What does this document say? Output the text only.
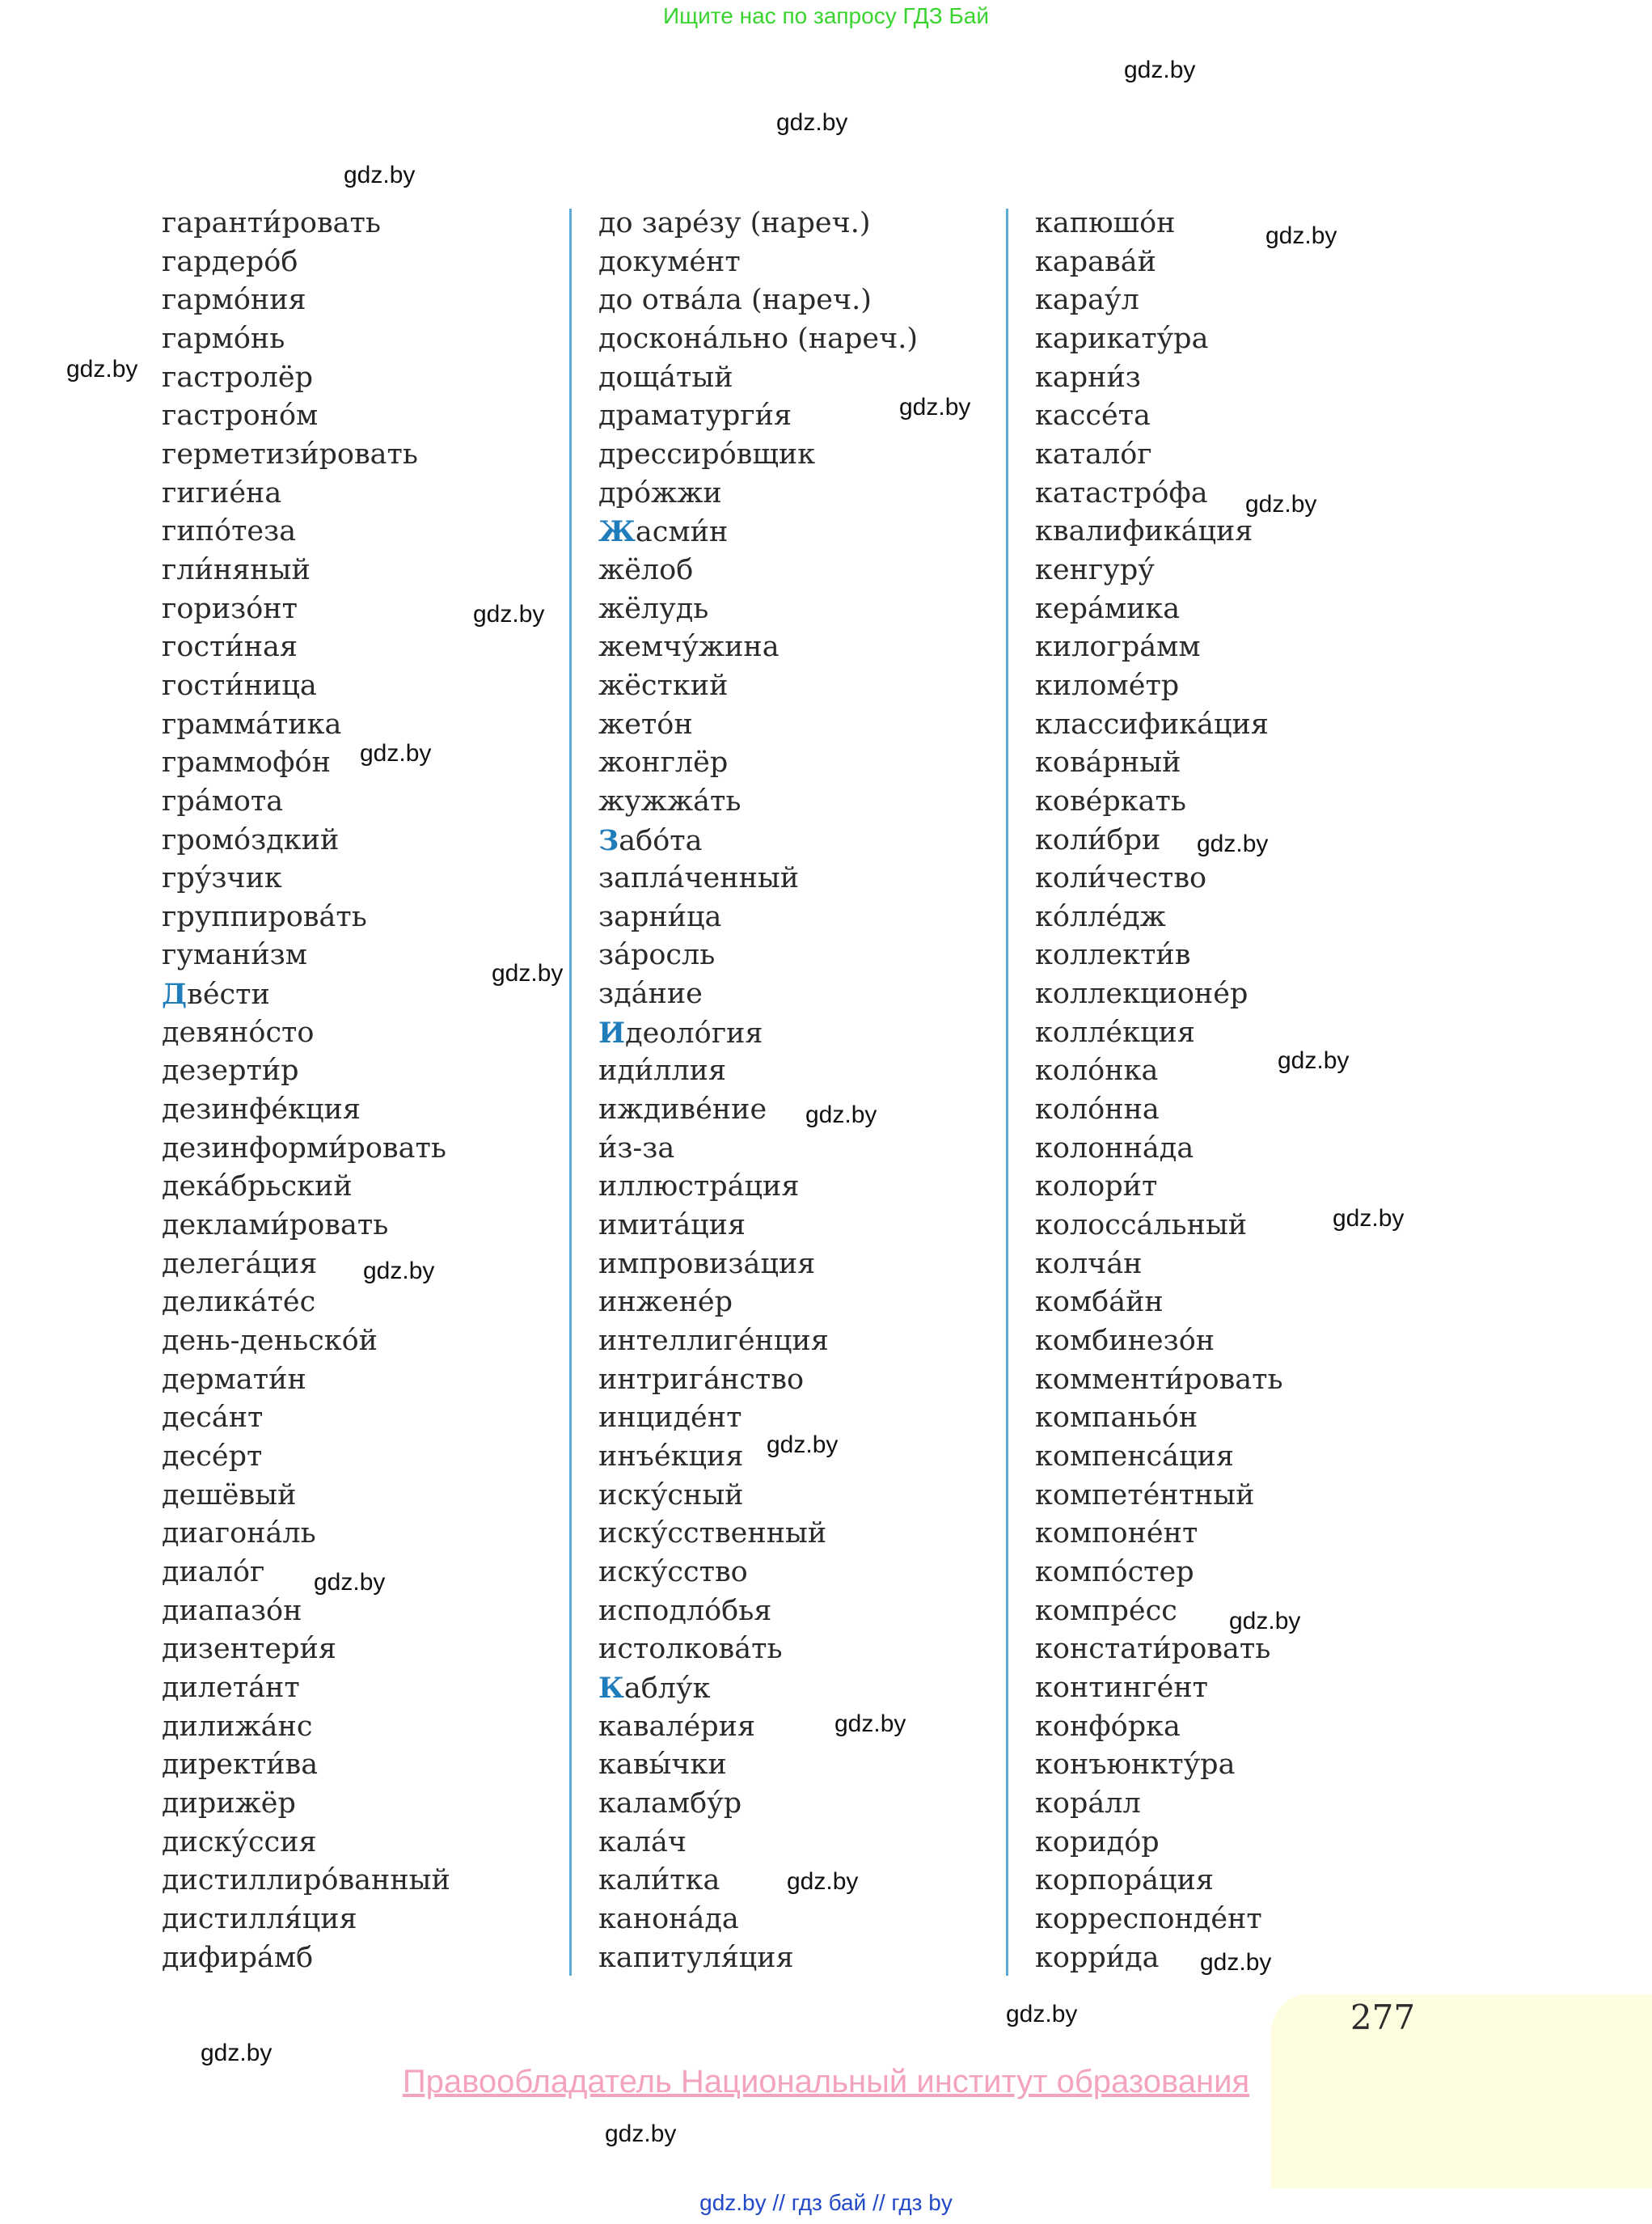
Ищите нас по запросу ГДЗ Бай
gdz.by
gdz.by
gdz.by
gdz.by
gdz.by
gdz.by
gdz.by
gdz.by
gdz.by
gdz.by
gdz.by
gdz.by
gdz.by
gdz.by
gdz.by
gdz.by
gdz.by
gdz.by
gdz.by
gdz.by
gdz.by
gdz.by
gdz.by
gdz.by
гаранти́ровать
гардеро́б
гармо́ния
гармо́нь
гастролёр
гастроно́м
герметизи́ровать
гигие́на
гипо́теза
гли́няный
горизо́нт
гости́ная
гости́ница
грамма́тика
граммофо́н
гра́мота
громо́здкий
гру́зчик
группирова́ть
гумани́зм
Две́сти
девяно́сто
дезерти́р
дезинфе́кция
дезинформи́ровать
дека́брьский
деклами́ровать
делега́ция
делика́те́с
день-деньско́й
дермати́н
деса́нт
десе́рт
дешёвый
диагона́ль
диало́г
диапазо́н
дизентери́я
дилета́нт
дилижа́нс
директи́ва
дирижёр
диску́ссия
дистиллиро́ванный
дистилля́ция
дифира́мб
до заре́зу (нареч.)
докуме́нт
до отва́ла (нареч.)
доскона́льно (нареч.)
доща́тый
драматурги́я
дрессиро́вщик
дро́жжи
Жасми́н
жёлоб
жёлудь
жемчу́жина
жёсткий
жето́н
жонглёр
жужжа́ть
Забо́та
запла́ченный
зарни́ца
за́росль
зда́ние
Идеоло́гия
иди́ллия
иждиве́ние
и́з-за
иллюстра́ция
имита́ция
импровиза́ция
инжене́р
интеллиге́нция
интрига́нство
инциде́нт
инъе́кция
иску́сный
иску́сственный
иску́сство
исподло́бья
истолкова́ть
Каблу́к
кавале́рия
кавы́чки
каламбу́р
кала́ч
кали́тка
канона́да
капитуля́ция
капюшо́н
карава́й
карау́л
карикату́ра
карни́з
кассе́та
катало́г
катастро́фа
квалифика́ция
кенгуру́
кера́мика
килогра́мм
киломе́тр
классифика́ция
кова́рный
кове́ркать
коли́бри
коли́чество
ко́лле́дж
коллекти́в
коллекционе́р
колле́кция
коло́нка
коло́нна
колонна́да
колори́т
колосса́льный
колча́н
комба́йн
комбинезо́н
комменти́ровать
компаньо́н
компенса́ция
компете́нтный
компоне́нт
компо́стер
компре́сс
констати́ровать
континге́нт
конфо́рка
конъюнкту́ра
кора́лл
коридо́р
корпора́ция
корреспонде́нт
корри́да
277
Правообладатель Национальный институт образования
gdz.by // гдз бай // гдз by
